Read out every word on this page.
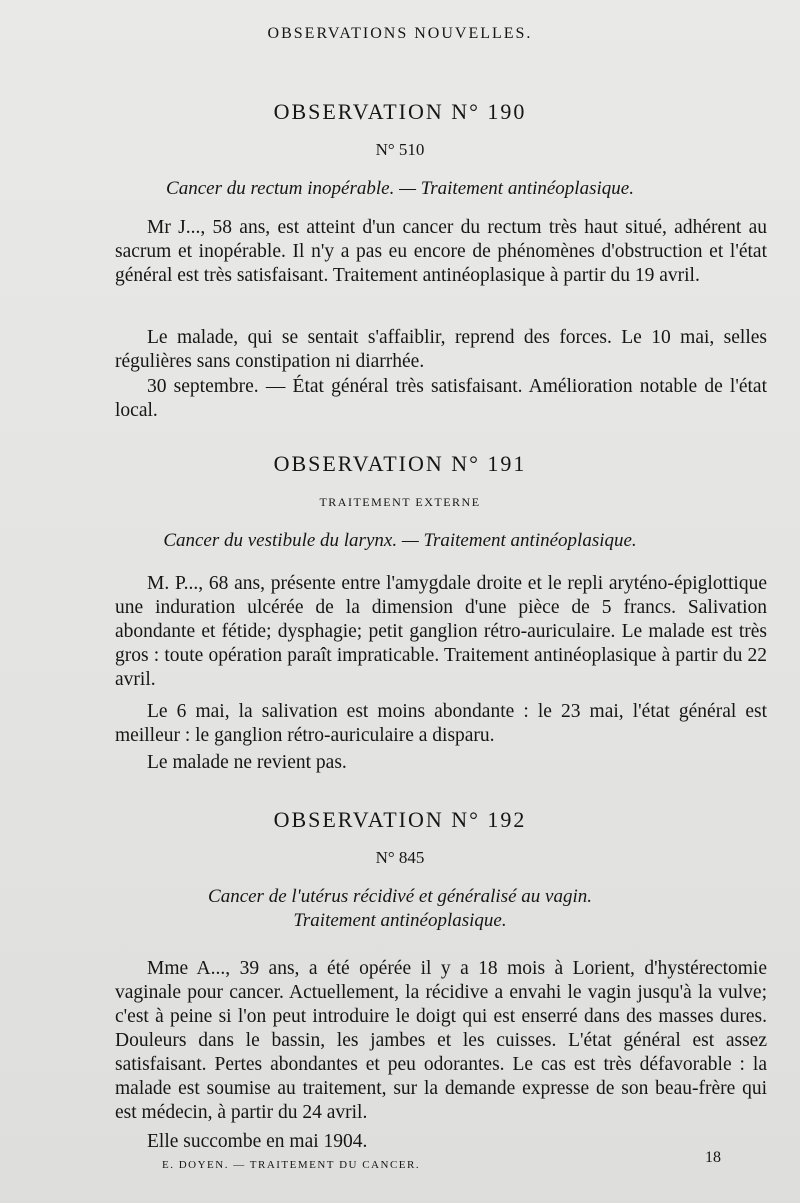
OBSERVATIONS NOUVELLES.
OBSERVATION N° 190
N° 510
Cancer du rectum inopérable. — Traitement antinéoplasique.

Mr J..., 58 ans, est atteint d'un cancer du rectum très haut situé, adhérent au sacrum et inopérable. Il n'y a pas eu encore de phénomènes d'obstruction et l'état général est très satisfaisant. Traitement antinéoplasique à partir du 19 avril.

Le malade, qui se sentait s'affaiblir, reprend des forces. Le 10 mai, selles régulières sans constipation ni diarrhée.

30 septembre. — État général très satisfaisant. Amélioration notable de l'état local.

OBSERVATION N° 191
TRAITEMENT EXTERNE
Cancer du vestibule du larynx. — Traitement antinéoplasique.

M. P..., 68 ans, présente entre l'amygdale droite et le repli aryténo-épiglottique une induration ulcérée de la dimension d'une pièce de 5 francs. Salivation abondante et fétide; dysphagie; petit ganglion rétro-auriculaire. Le malade est très gros : toute opération paraît impraticable. Traitement antinéoplasique à partir du 22 avril.

Le 6 mai, la salivation est moins abondante : le 23 mai, l'état général est meilleur : le ganglion rétro-auriculaire a disparu.

Le malade ne revient pas.

OBSERVATION N° 192
N° 845
Cancer de l'utérus récidivé et généralisé au vagin.
Traitement antinéoplasique.

Mme A..., 39 ans, a été opérée il y a 18 mois à Lorient, d'hystérectomie vaginale pour cancer. Actuellement, la récidive a envahi le vagin jusqu'à la vulve; c'est à peine si l'on peut introduire le doigt qui est enserré dans des masses dures. Douleurs dans le bassin, les jambes et les cuisses. L'état général est assez satisfaisant. Pertes abondantes et peu odorantes. Le cas est très défavorable : la malade est soumise au traitement, sur la demande expresse de son beau-frère qui est médecin, à partir du 24 avril.

Elle succombe en mai 1904.

E. DOYEN. — TRAITEMENT DU CANCER.	18
